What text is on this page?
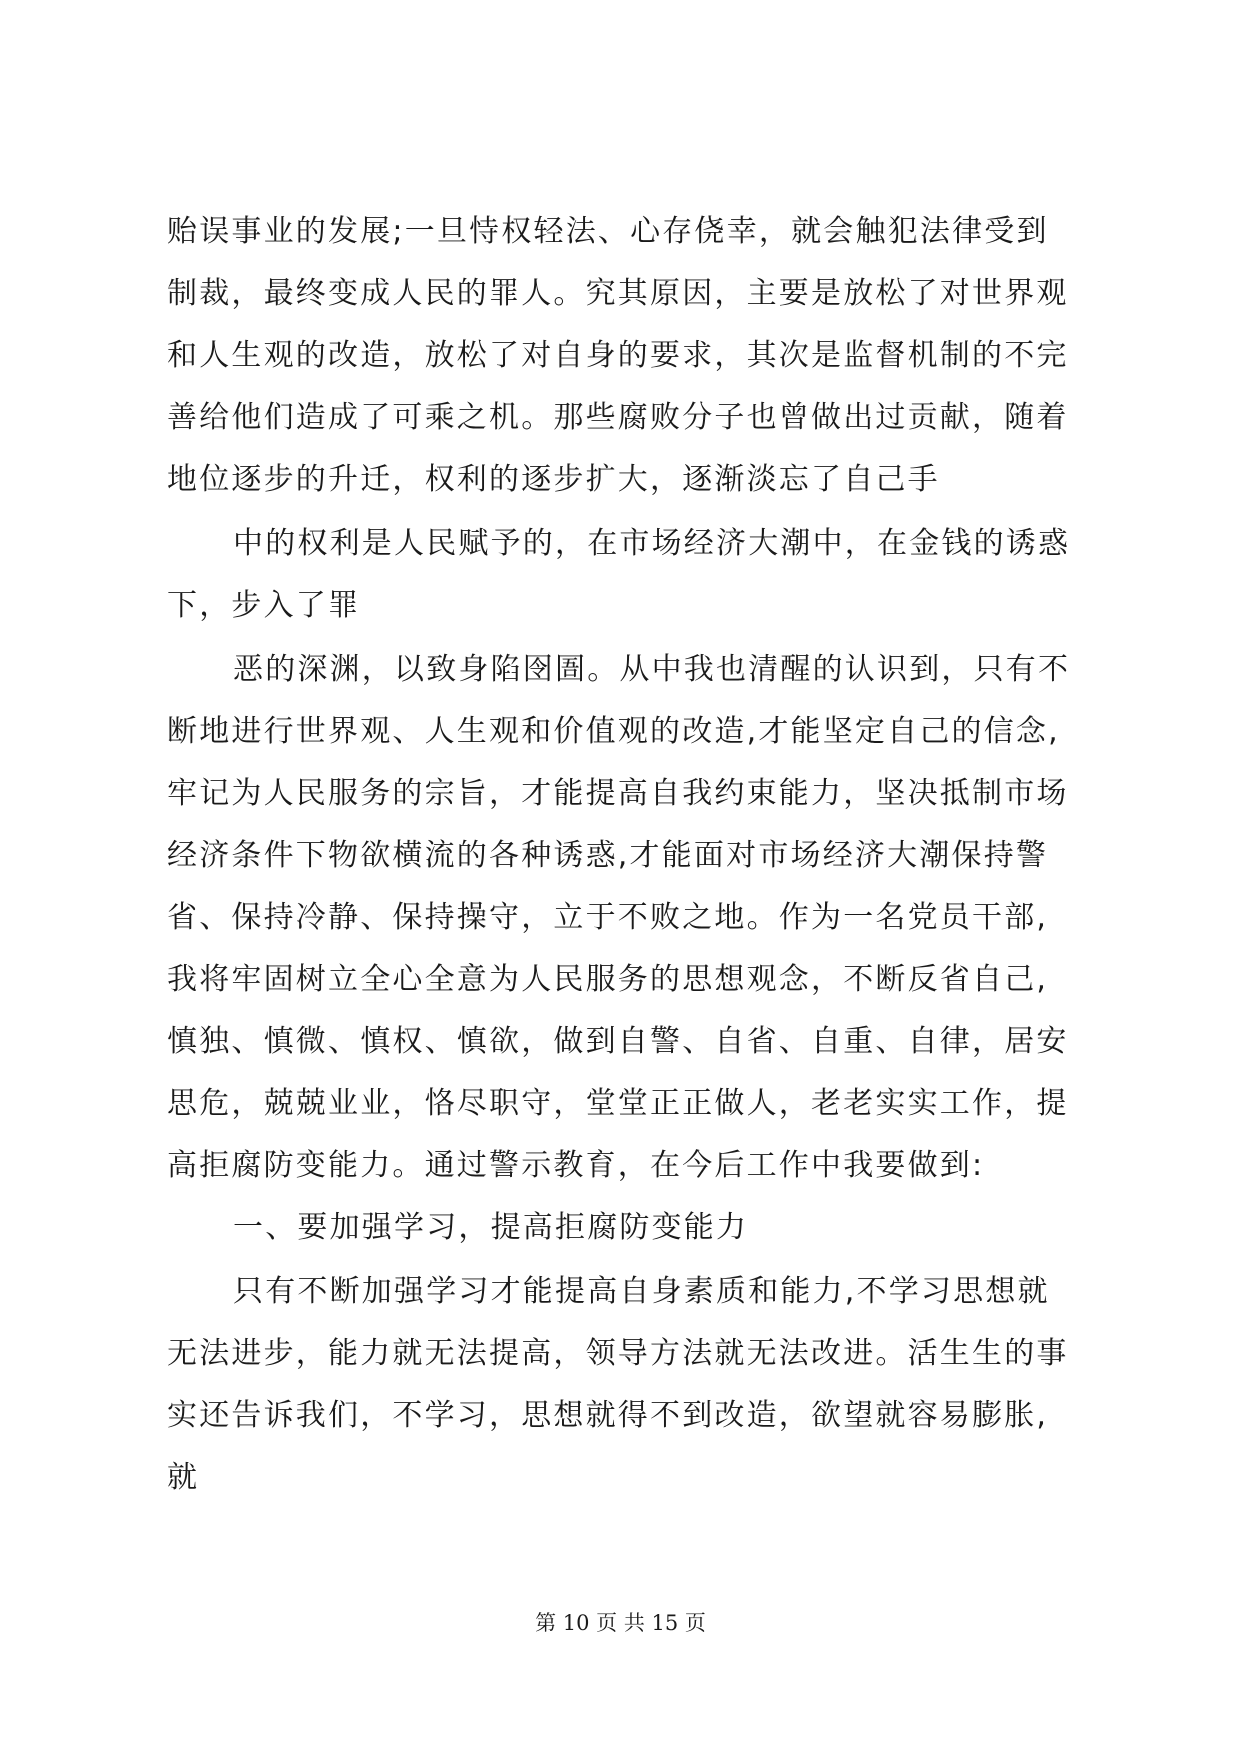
贻误事业的发展;一旦恃权轻法、心存侥幸，就会触犯法律受到
制裁，最终变成人民的罪人。究其原因，主要是放松了对世界观
和人生观的改造，放松了对自身的要求，其次是监督机制的不完
善给他们造成了可乘之机。那些腐败分子也曾做出过贡献，随着
地位逐步的升迁，权利的逐步扩大，逐渐淡忘了自己手
中的权利是人民赋予的，在市场经济大潮中，在金钱的诱惑
下，步入了罪
恶的深渊，以致身陷囹圄。从中我也清醒的认识到，只有不
断地进行世界观、人生观和价值观的改造,才能坚定自己的信念,
牢记为人民服务的宗旨，才能提高自我约束能力，坚决抵制市场
经济条件下物欲横流的各种诱惑,才能面对市场经济大潮保持警
省、保持冷静、保持操守，立于不败之地。作为一名党员干部,
我将牢固树立全心全意为人民服务的思想观念，不断反省自己,
慎独、慎微、慎权、慎欲，做到自警、自省、自重、自律，居安
思危，兢兢业业，恪尽职守，堂堂正正做人，老老实实工作，提
高拒腐防变能力。通过警示教育，在今后工作中我要做到:
一、要加强学习，提高拒腐防变能力
只有不断加强学习才能提高自身素质和能力,不学习思想就
无法进步，能力就无法提高，领导方法就无法改进。活生生的事
实还告诉我们，不学习，思想就得不到改造，欲望就容易膨胀,
就
第 10 页 共 15 页
